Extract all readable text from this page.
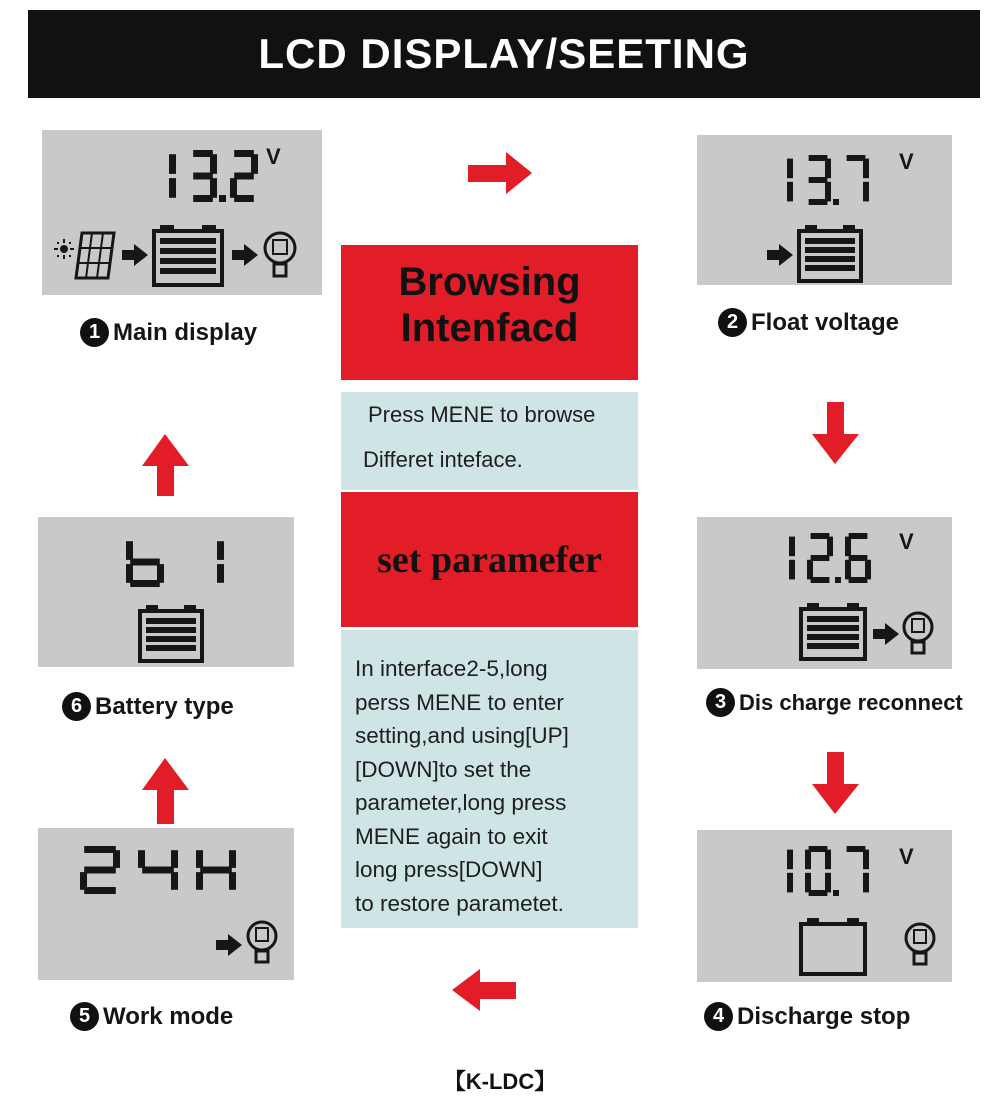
LCD DISPLAY/SEETING
V
1 Main display
V
2 Float voltage
V
3 Dis charge reconnect
V
4 Discharge stop
5 Work mode
6 Battery type
Browsing
Intenfacd
Press MENE to browse
Differet inteface.
set paramefer
In interface2-5,long
perss MENE to enter
setting,and using[UP]
[DOWN]to set the
parameter,long press
MENE again to exit
long press[DOWN]
to restore parametet.
【K-LDC】
